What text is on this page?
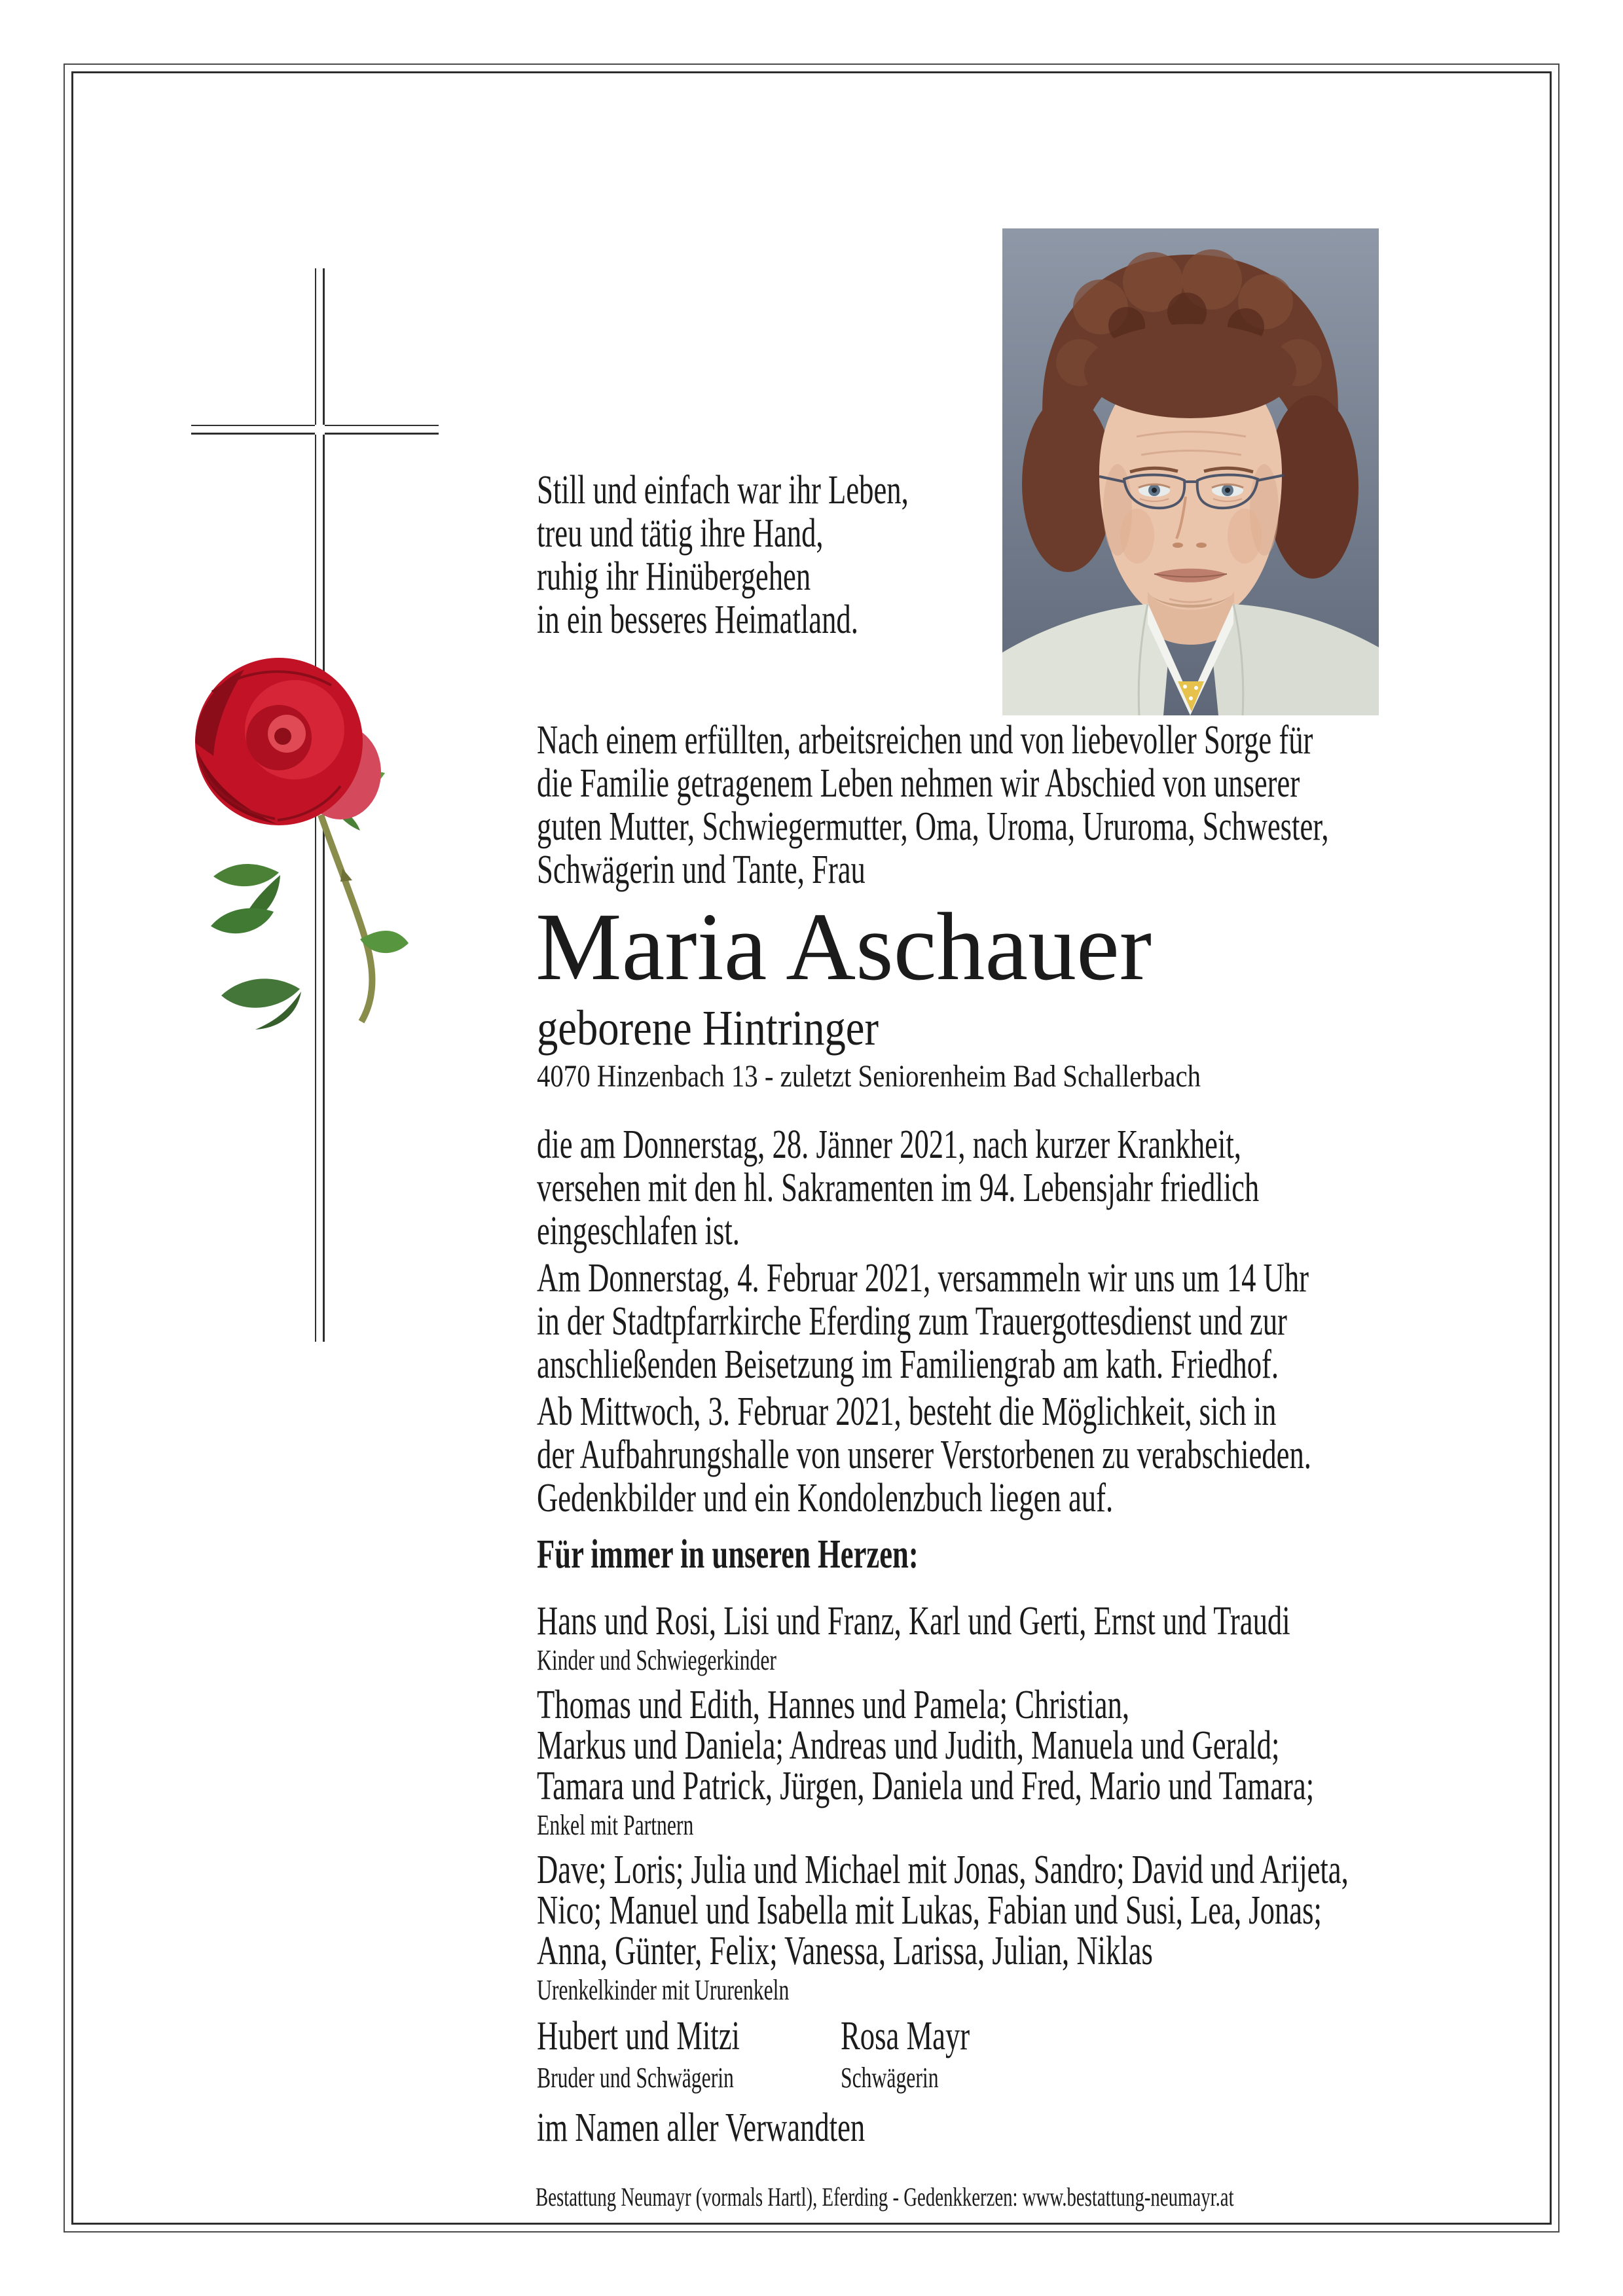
Still und einfach war ihr Leben,
treu und tätig ihre Hand,
ruhig ihr Hinübergehen
in ein besseres Heimatland.
Nach einem erfüllten, arbeitsreichen und von liebevoller Sorge für
die Familie getragenem Leben nehmen wir Abschied von unserer
guten Mutter, Schwiegermutter, Oma, Uroma, Ururoma, Schwester,
Schwägerin und Tante, Frau
Maria Aschauer
geborene Hintringer
4070 Hinzenbach 13 - zuletzt Seniorenheim Bad Schallerbach
die am Donnerstag, 28. Jänner 2021, nach kurzer Krankheit,
versehen mit den hl. Sakramenten im 94. Lebensjahr friedlich
eingeschlafen ist.
Am Donnerstag, 4. Februar 2021, versammeln wir uns um 14 Uhr
in der Stadtpfarrkirche Eferding zum Trauergottesdienst und zur
anschließenden Beisetzung im Familiengrab am kath. Friedhof.
Ab Mittwoch, 3. Februar 2021, besteht die Möglichkeit, sich in
der Aufbahrungshalle von unserer Verstorbenen zu verabschieden.
Gedenkbilder und ein Kondolenzbuch liegen auf.
Für immer in unseren Herzen:
Hans und Rosi, Lisi und Franz, Karl und Gerti, Ernst und Traudi
Kinder und Schwiegerkinder
Thomas und Edith, Hannes und Pamela; Christian,
Markus und Daniela; Andreas und Judith, Manuela und Gerald;
Tamara und Patrick, Jürgen, Daniela und Fred, Mario und Tamara;
Enkel mit Partnern
Dave; Loris; Julia und Michael mit Jonas, Sandro; David und Arijeta,
Nico; Manuel und Isabella mit Lukas, Fabian und Susi, Lea, Jonas;
Anna, Günter, Felix; Vanessa, Larissa, Julian, Niklas
Urenkelkinder mit Ururenkeln
Hubert und Mitzi
Bruder und Schwägerin
Rosa Mayr
Schwägerin
im Namen aller Verwandten
Bestattung Neumayr (vormals Hartl), Eferding - Gedenkkerzen: www.bestattung-neumayr.at
